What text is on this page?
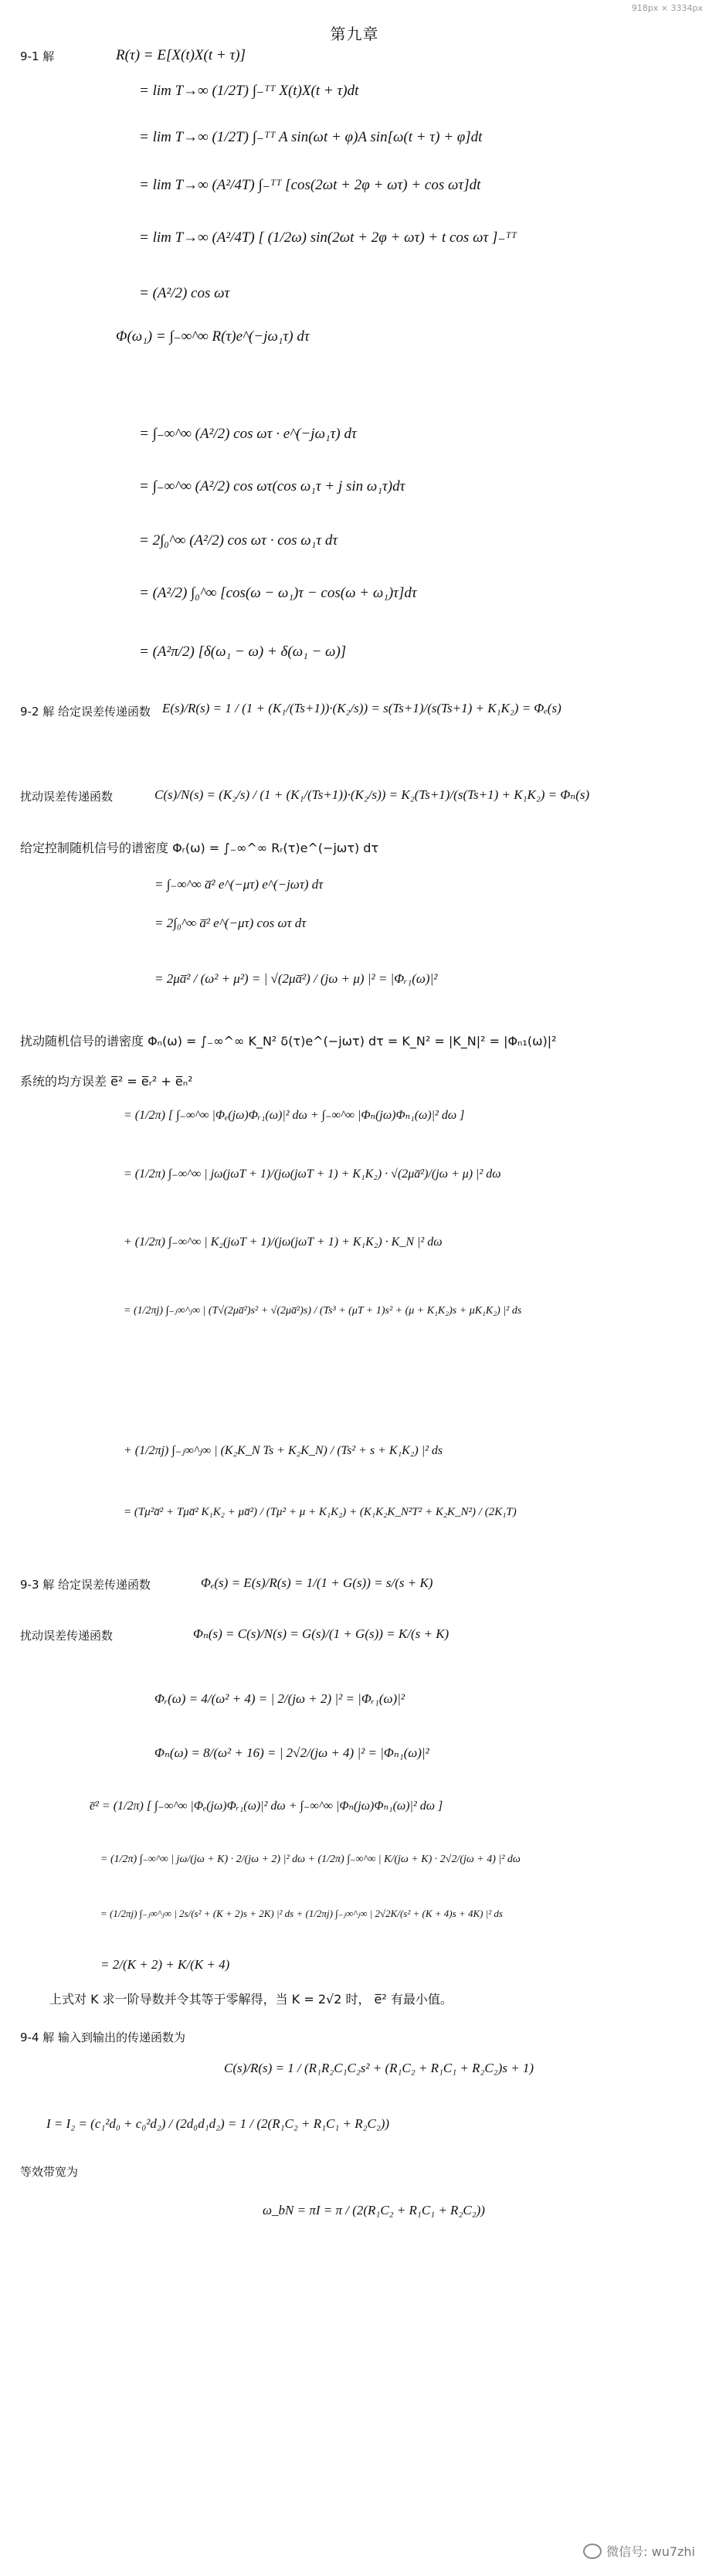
918px × 3334px
第九章
9-1 解	R(τ) = E[X(t)X(t + τ)]
= lim T→∞ (1/2T) ∫₋ᵀᵀ X(t)X(t + τ)dt
= lim T→∞ (1/2T) ∫₋ᵀᵀ A sin(ωt + φ)A sin[ω(t + τ) + φ]dt
= lim T→∞ (A²/4T) ∫₋ᵀᵀ [cos(2ωt + 2φ + ωτ) + cos ωτ]dt
= lim T→∞ (A²/4T) [ (1/2ω) sin(2ωt + 2φ + ωτ) + t cos ωτ ]₋ᵀᵀ
= (A²/2) cos ωτ
Φ(ω₁) = ∫₋∞^∞ R(τ)e^(−jω₁τ) dτ
= ∫₋∞^∞ (A²/2) cos ωτ · e^(−jω₁τ) dτ
= ∫₋∞^∞ (A²/2) cos ωτ(cos ω₁τ + j sin ω₁τ)dτ
= 2∫₀^∞ (A²/2) cos ωτ · cos ω₁τ dτ
= (A²/2) ∫₀^∞ [cos(ω − ω₁)τ − cos(ω + ω₁)τ]dτ
= (A²π/2) [δ(ω₁ − ω) + δ(ω₁ − ω)]
9-2 解 给定误差传递函数 E(s)/R(s) = 1 / (1 + (K₁/(Ts+1))·(K₂/s)) = s(Ts+1)/(s(Ts+1) + K₁K₂) = Φₑ(s)
扰动误差传递函数	C(s)/N(s) = (K₂/s) / (1 + (K₁/(Ts+1))·(K₂/s)) = K₂(Ts+1)/(s(Ts+1) + K₁K₂) = Φₙ(s)
给定控制随机信号的谱密度 Φᵣ(ω) = ∫₋∞^∞ Rᵣ(τ)e^(−jωτ) dτ
= ∫₋∞^∞ a̅² e^(−μτ) e^(−jωτ) dτ
= 2∫₀^∞ a̅² e^(−μτ) cos ωτ dτ
= 2μa̅² / (ω² + μ²) = | √(2μa̅²) / (jω + μ) |² = |Φᵣ₁(ω)|²
扰动随机信号的谱密度 Φₙ(ω) = ∫₋∞^∞ K_N² δ(τ)e^(−jωτ) dτ = K_N² = |K_N|² = |Φₙ₁(ω)|²
系统的均方误差 e̅² = e̅ᵣ² + e̅ₙ²
= (1/2π) [ ∫₋∞^∞ |Φₑ(jω)Φᵣ₁(ω)|² dω + ∫₋∞^∞ |Φₙ(jω)Φₙ₁(ω)|² dω ]
= (1/2π) ∫₋∞^∞ | jω(jωT + 1)/(jω(jωT + 1) + K₁K₂) · √(2μa̅²)/(jω + μ) |² dω
+ (1/2π) ∫₋∞^∞ | K₂(jωT + 1)/(jω(jωT + 1) + K₁K₂) · K_N |² dω
= (1/2πj) ∫₋ⱼ∞^ⱼ∞ | (T√(2μa̅²)s² + √(2μa̅²)s) / (Ts³ + (μT + 1)s² + (μ + K₁K₂)s + μK₁K₂) |² ds
+ (1/2πj) ∫₋ⱼ∞^ⱼ∞ | (K₂K_N Ts + K₂K_N) / (Ts² + s + K₁K₂) |² ds
= (Tμ²a̅² + Tμa̅² K₁K₂ + μa̅²) / (Tμ² + μ + K₁K₂) + (K₁K₂K_N²T² + K₂K_N²) / (2K₁T)
9-3 解 给定误差传递函数	Φₑ(s) = E(s)/R(s) = 1/(1 + G(s)) = s/(s + K)
扰动误差传递函数	Φₙ(s) = C(s)/N(s) = G(s)/(1 + G(s)) = K/(s + K)
Φᵣ(ω) = 4/(ω² + 4) = | 2/(jω + 2) |² = |Φᵣ₁(ω)|²
Φₙ(ω) = 8/(ω² + 16) = | 2√2/(jω + 4) |² = |Φₙ₁(ω)|²
e̅² = (1/2π) [ ∫₋∞^∞ |Φₑ(jω)Φᵣ₁(ω)|² dω + ∫₋∞^∞ |Φₙ(jω)Φₙ₁(ω)|² dω ]
= (1/2π) ∫₋∞^∞ | jω/(jω + K) · 2/(jω + 2) |² dω + (1/2π) ∫₋∞^∞ | K/(jω + K) · 2√2/(jω + 4) |² dω
= (1/2πj) ∫₋ⱼ∞^ⱼ∞ | 2s/(s² + (K + 2)s + 2K) |² ds + (1/2πj) ∫₋ⱼ∞^ⱼ∞ | 2√2K/(s² + (K + 4)s + 4K) |² ds
= 2/(K + 2) + K/(K + 4)
上式对 K 求一阶导数并令其等于零解得，当 K = 2√2 时， e̅² 有最小值。
9-4 解 输入到输出的传递函数为
C(s)/R(s) = 1 / (R₁R₂C₁C₂s² + (R₁C₂ + R₁C₁ + R₂C₂)s + 1)
I = I₂ = (c₁²d₀ + c₀²d₂) / (2d₀d₁d₂) = 1 / (2(R₁C₂ + R₁C₁ + R₂C₂))
等效带宽为
ω_bN = πI = π / (2(R₁C₂ + R₁C₁ + R₂C₂))
微信号: wu7zhi
